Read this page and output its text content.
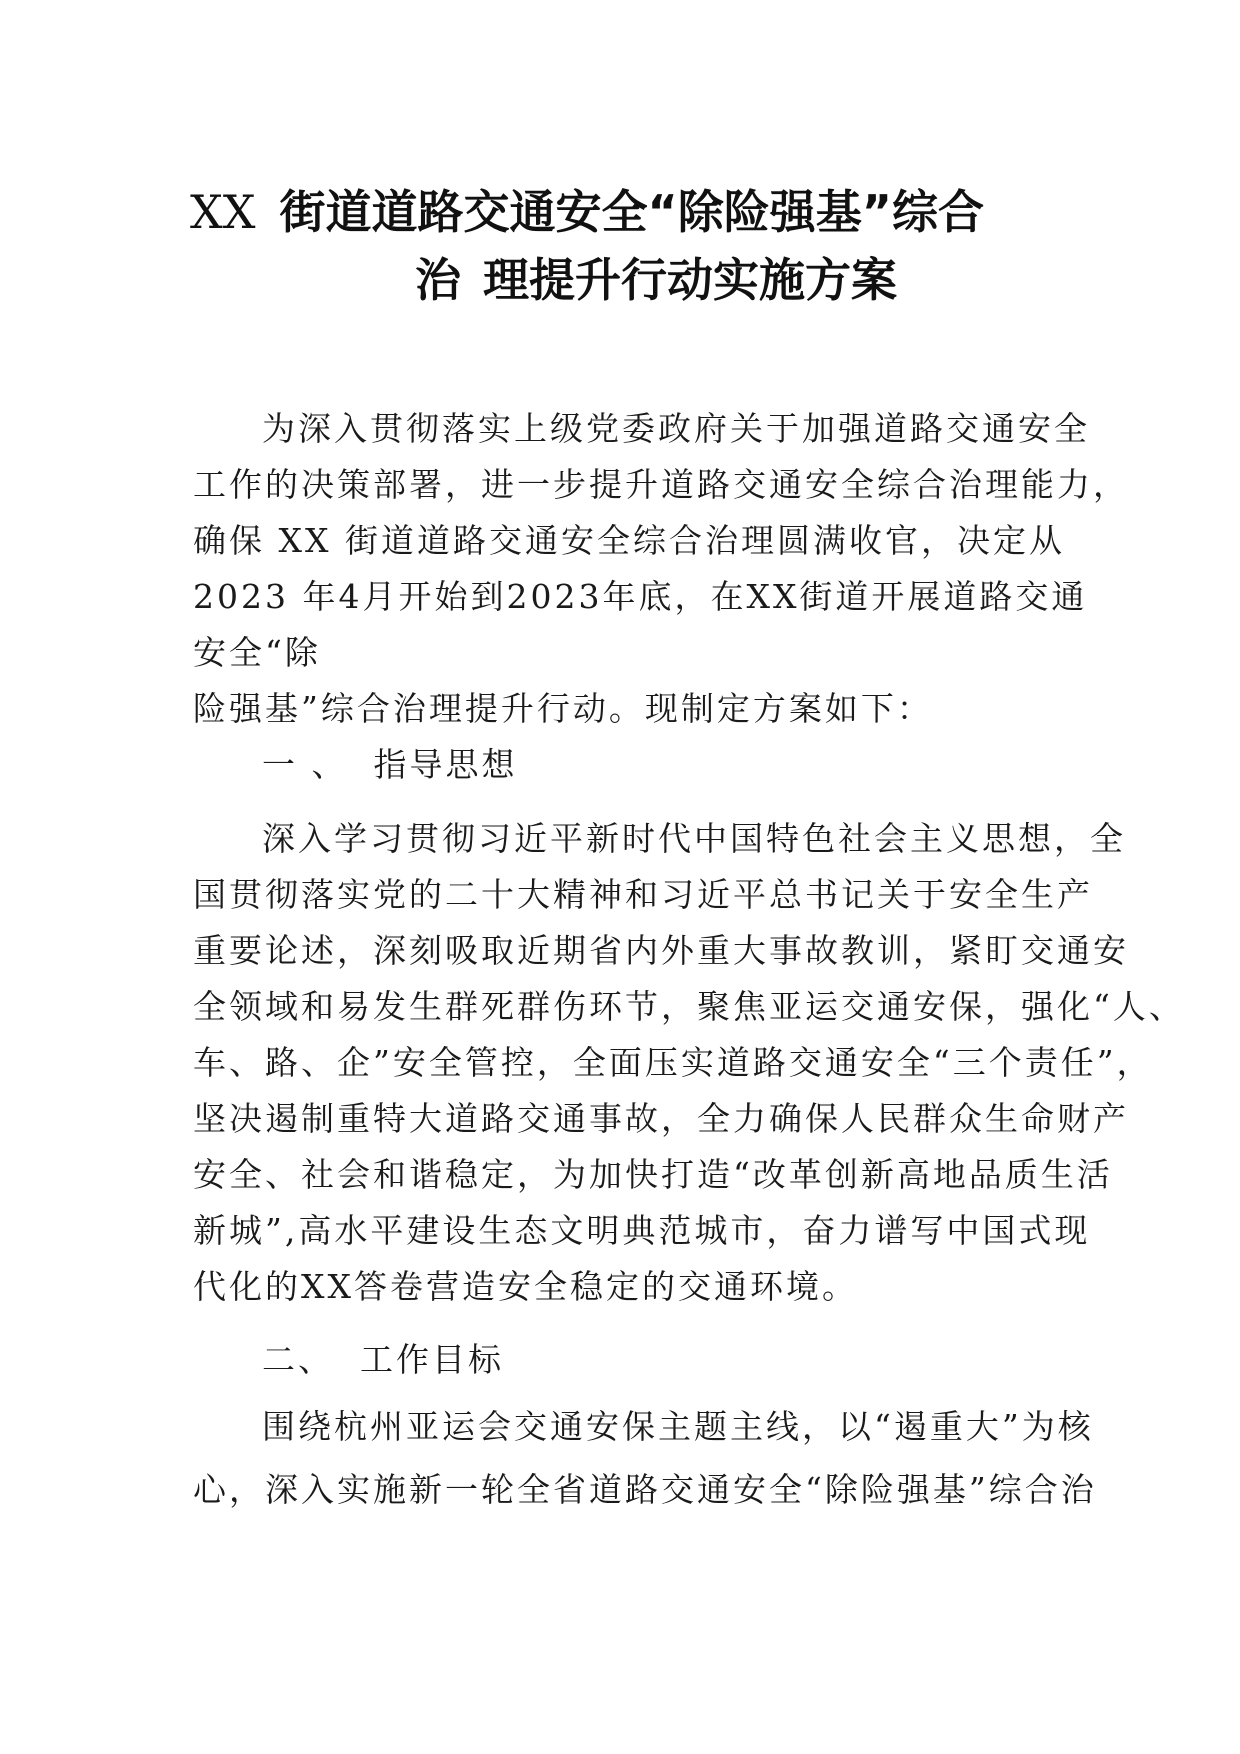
XX 街道道路交通安全“除险强基”综合
治 理提升行动实施方案
为深入贯彻落实上级党委政府关于加强道路交通安全
工作的决策部署，进一步提升道路交通安全综合治理能力，
确保 XX 街道道路交通安全综合治理圆满收官，决定从
2023 年4月开始到2023年底，在XX街道开展道路交通
安全“除
险强基”综合治理提升行动。现制定方案如下：
一 、 指导思想
深入学习贯彻习近平新时代中国特色社会主义思想，全
国贯彻落实党的二十大精神和习近平总书记关于安全生产
重要论述，深刻吸取近期省内外重大事故教训，紧盯交通安
全领域和易发生群死群伤环节，聚焦亚运交通安保，强化“人、
车、路、企”安全管控，全面压实道路交通安全“三个责任”，
坚决遏制重特大道路交通事故，全力确保人民群众生命财产
安全、社会和谐稳定，为加快打造“改革创新高地品质生活
新城”,高水平建设生态文明典范城市，奋力谱写中国式现
代化的XX答卷营造安全稳定的交通环境。
二、 工作目标
围绕杭州亚运会交通安保主题主线，以“遏重大”为核
心，深入实施新一轮全省道路交通安全“除险强基”综合治
